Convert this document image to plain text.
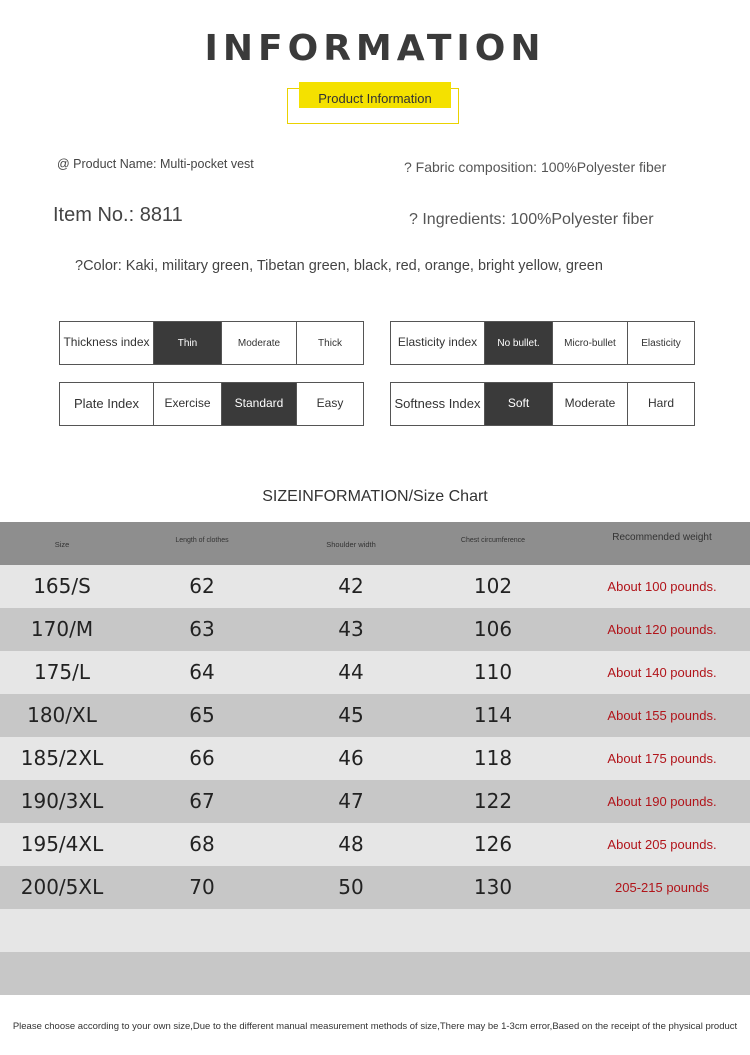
INFORMATION
Product Information
@ Product Name: Multi-pocket vest	? Fabric composition: 100%Polyester fiber
Item No.: 8811	? Ingredients: 100%Polyester fiber
?Color: Kaki, military green, Tibetan green, black, red, orange, bright yellow, green
Thickness index	Thin	Moderate	Thick	Elasticity index	No bullet.	Micro-bullet	Elasticity
Plate Index	Exercise	Standard	Easy	Softness Index	Soft	Moderate	Hard
SIZEINFORMATION/Size Chart
Size	Length of clothes	Shoulder width	Chest circumference	Recommended weight
165/S	62	42	102	About 100 pounds.
170/M	63	43	106	About 120 pounds.
175/L	64	44	110	About 140 pounds.
180/XL	65	45	114	About 155 pounds.
185/2XL	66	46	118	About 175 pounds.
190/3XL	67	47	122	About 190 pounds.
195/4XL	68	48	126	About 205 pounds.
200/5XL	70	50	130	205-215 pounds
Please choose according to your own size,Due to the different manual measurement methods of size,There may be 1-3cm error,Based on the receipt of the physical product
